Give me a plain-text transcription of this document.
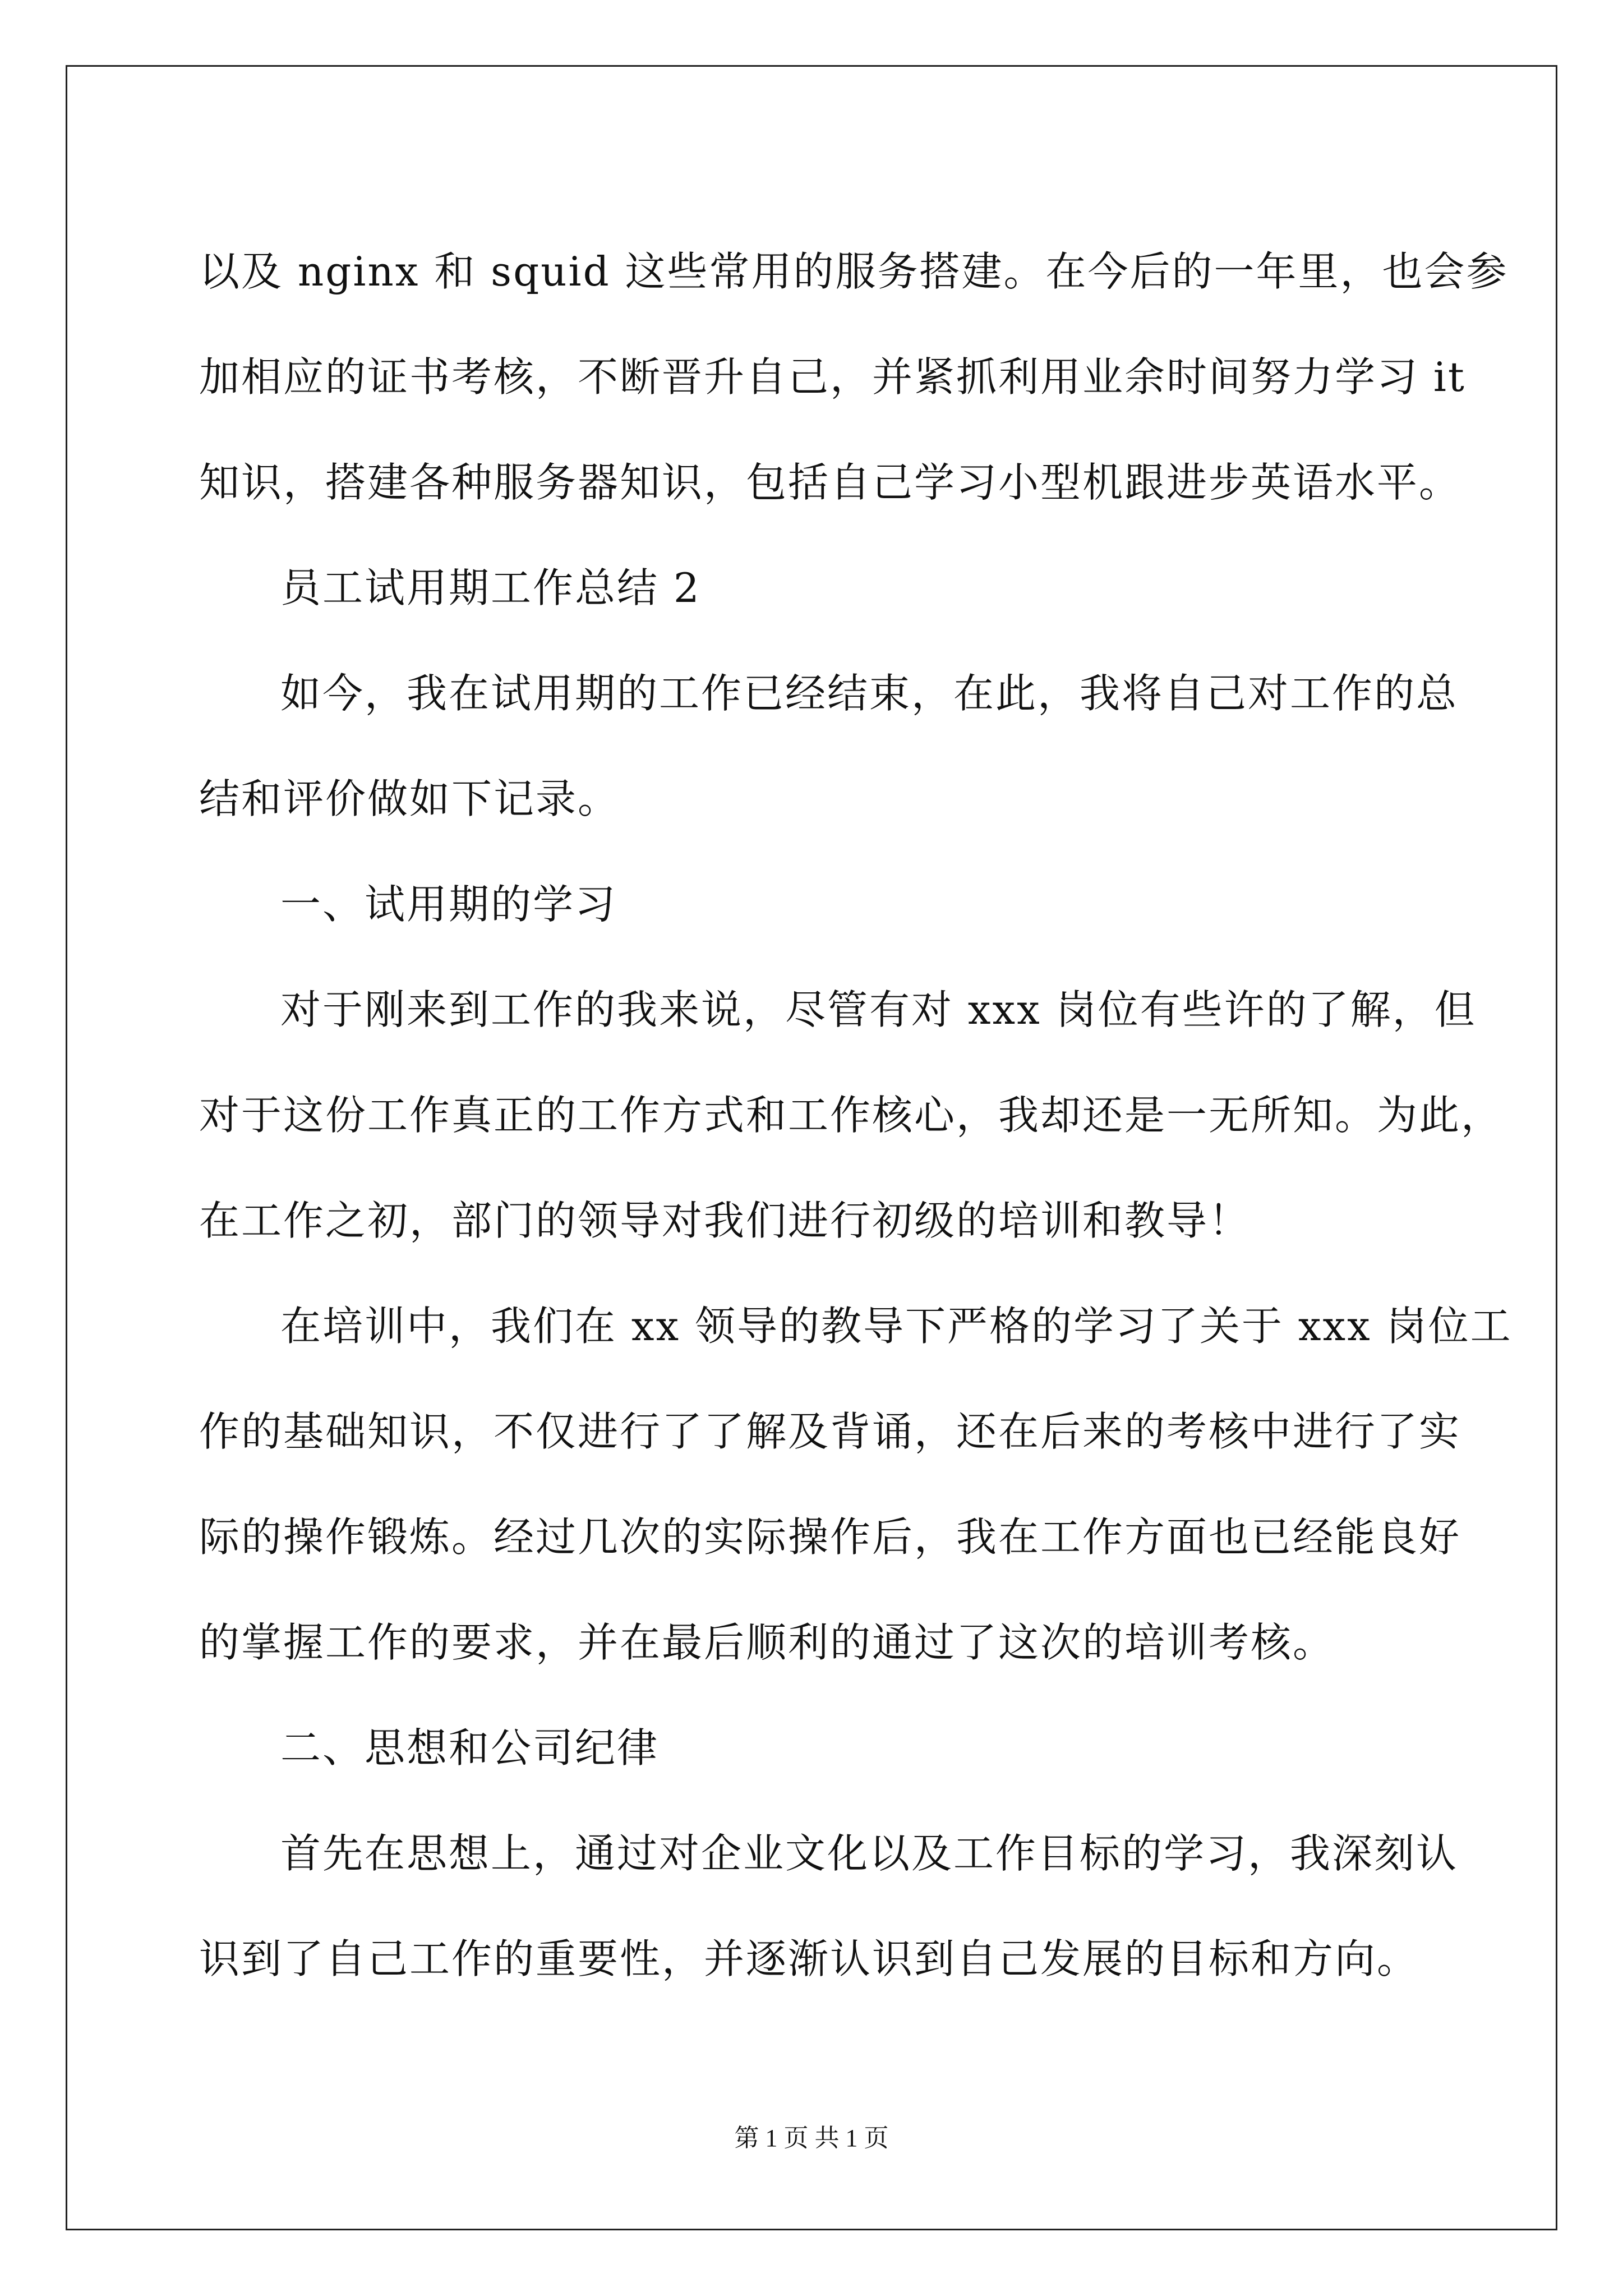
以及 nginx 和 squid 这些常用的服务搭建。在今后的一年里，也会参
加相应的证书考核，不断晋升自己，并紧抓利用业余时间努力学习 it
知识，搭建各种服务器知识，包括自己学习小型机跟进步英语水平。
员工试用期工作总结 2
如今，我在试用期的工作已经结束，在此，我将自己对工作的总
结和评价做如下记录。
一、试用期的学习
对于刚来到工作的我来说，尽管有对 xxx 岗位有些许的了解，但
对于这份工作真正的工作方式和工作核心，我却还是一无所知。为此，
在工作之初，部门的领导对我们进行初级的培训和教导！
在培训中，我们在 xx 领导的教导下严格的学习了关于 xxx 岗位工
作的基础知识，不仅进行了了解及背诵，还在后来的考核中进行了实
际的操作锻炼。经过几次的实际操作后，我在工作方面也已经能良好
的掌握工作的要求，并在最后顺利的通过了这次的培训考核。
二、思想和公司纪律
首先在思想上，通过对企业文化以及工作目标的学习，我深刻认
识到了自己工作的重要性，并逐渐认识到自己发展的目标和方向。
第 1 页 共 1 页
